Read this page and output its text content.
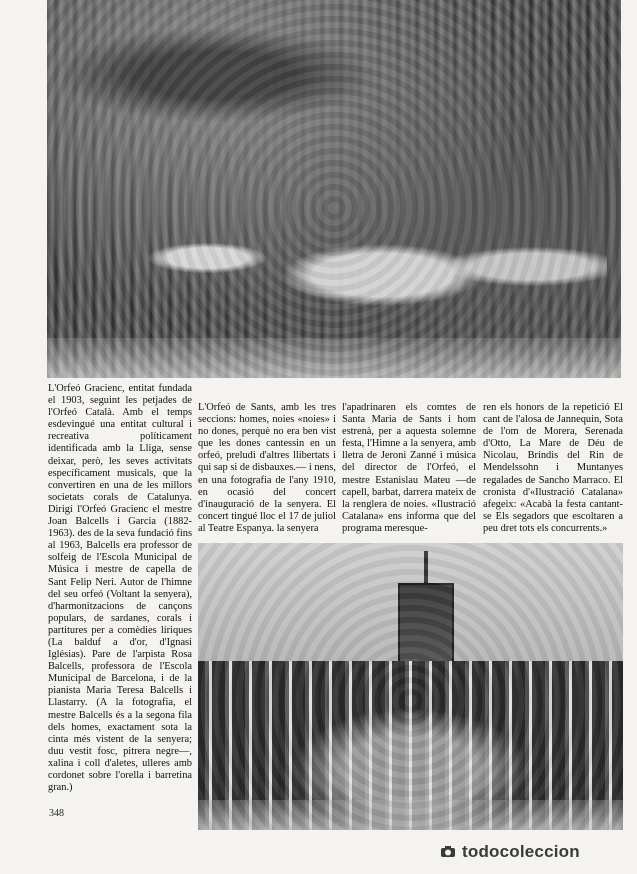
L'Orfeó Gracienc, entitat fundada el 1903, seguint les petjades de l'Orfeó Català. Amb el temps esdevingué una entitat cultural i recreativa políticament identificada amb la Lliga, sense deixar, però, les seves activitats específicament musicals, que la convertiren en una de les millors societats corals de Catalunya. Dirigí l'Orfeó Gracienc el mestre Joan Balcells i Garcia (1882-1963). des de la seva fundació fins al 1963, Balcells era professor de solfeig de l'Escola Municipal de Música i mestre de capella de Sant Felip Neri. Autor de l'himne del seu orfeó (Voltant la senyera), d'harmonitzacions de cançons populars, de sardanes, corals i partitures per a comèdies líriques (La balduf a d'or, d'Ignasi Iglésias). Pare de l'arpista Rosa Balcells, professora de l'Escola Municipal de Barcelona, i de la pianista Maria Teresa Balcells i Llastarry. (A la fotografia, el mestre Balcells és a la segona fila dels homes, exactament sota la cinta més vistent de la senyera; duu vestit fosc, pitrera negre—, xalina i coll d'aletes, ulleres amb cordonet sobre l'orella i barretina gran.)
L'Orfeó de Sants, amb les tres seccions: homes, noies «noies» i no dones, perquè no era ben vist que les dones cantessin en un orfeó, preludi d'altres llibertats i qui sap si de disbauxes.— i nens, en una fotografia de l'any 1910, en ocasió del concert d'inauguració de la senyera. El concert tingué lloc el 17 de juliol al Teatre Espanya. la senyera
l'apadrinaren els comtes de Santa Maria de Sants i hom estrenà, per a aquesta solemne festa, l'Himne a la senyera, amb lletra de Jeroni Zanné i música del director de l'Orfeó, el mestre Estanislau Mateu —de capell, barbat, darrera mateix de la renglera de noies. «Ilustració Catalana» ens informa que del programa meresque-
ren els honors de la repetició El cant de l'alosa de Jannequin, Sota de l'om de Morera, Serenada d'Otto, La Mare de Déu de Nicolau, Brindis del Rin de Mendelssohn i Muntanyes regalades de Sancho Marraco. El cronista d'«Ilustració Catalana» afegeix: «Acabà la festa cantant-se Els segadors que escoltaren a peu dret tots els concurrents.»
348
todocoleccion
